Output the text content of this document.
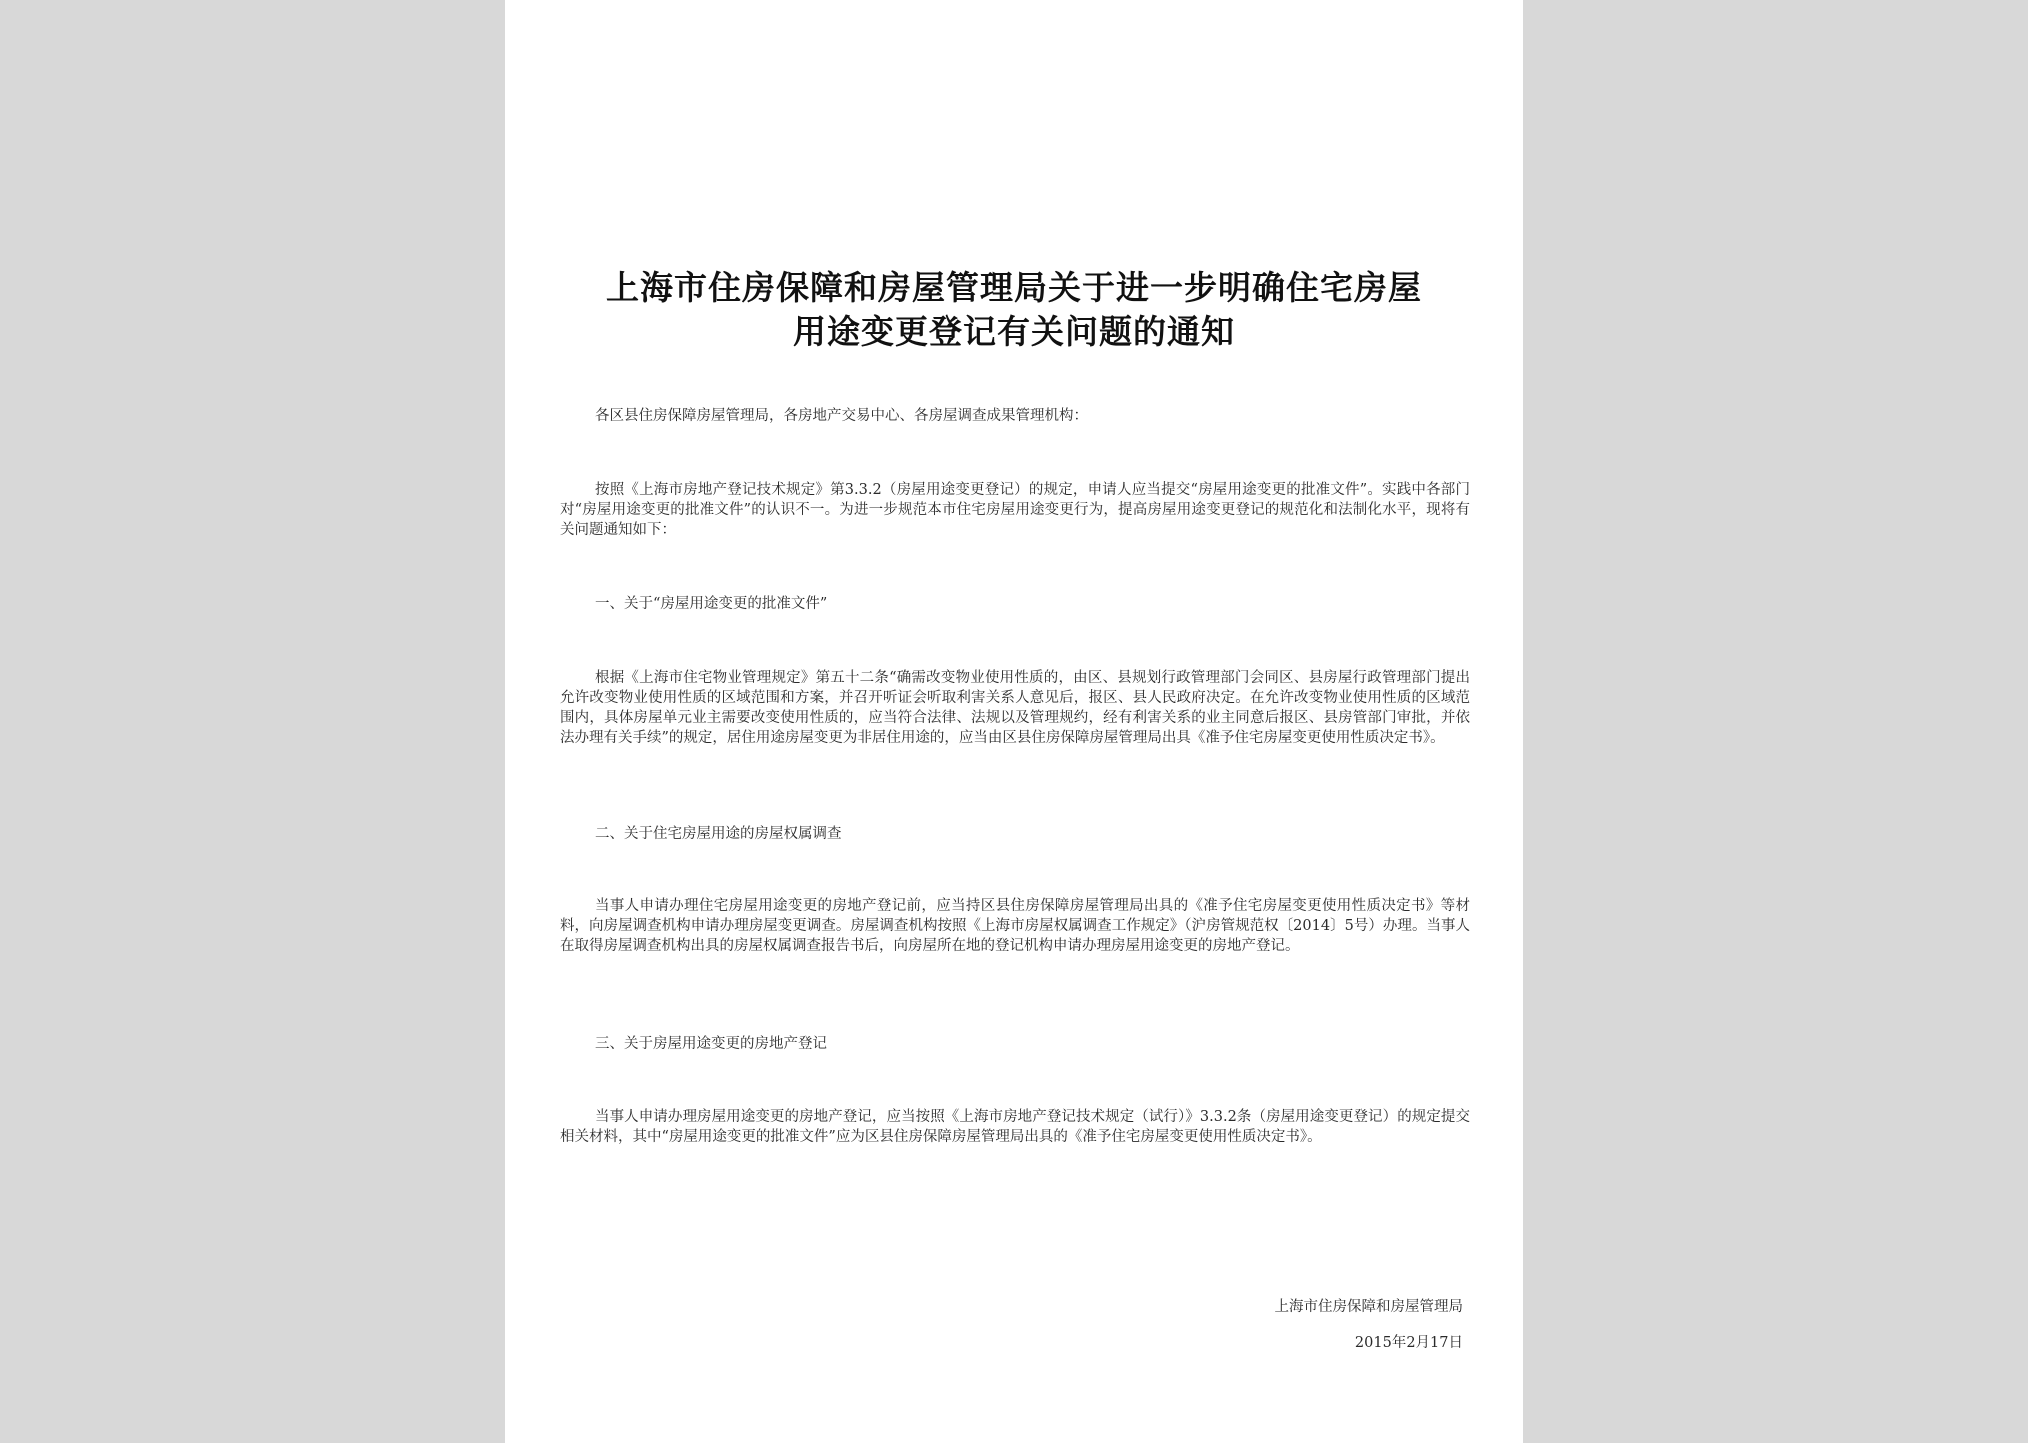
上海市住房保障和房屋管理局关于进一步明确住宅房屋
用途变更登记有关问题的通知

各区县住房保障房屋管理局，各房地产交易中心、各房屋调查成果管理机构：

按照《上海市房地产登记技术规定》第3.3.2（房屋用途变更登记）的规定，申请人应当提交“房屋用途变更的批准文件”。实践中各部门对“房屋用途变更的批准文件”的认识不一。为进一步规范本市住宅房屋用途变更行为，提高房屋用途变更登记的规范化和法制化水平，现将有关问题通知如下：

一、关于“房屋用途变更的批准文件”

根据《上海市住宅物业管理规定》第五十二条“确需改变物业使用性质的，由区、县规划行政管理部门会同区、县房屋行政管理部门提出允许改变物业使用性质的区域范围和方案，并召开听证会听取利害关系人意见后，报区、县人民政府决定。在允许改变物业使用性质的区域范围内，具体房屋单元业主需要改变使用性质的，应当符合法律、法规以及管理规约，经有利害关系的业主同意后报区、县房管部门审批，并依法办理有关手续”的规定，居住用途房屋变更为非居住用途的，应当由区县住房保障房屋管理局出具《准予住宅房屋变更使用性质决定书》。

二、关于住宅房屋用途的房屋权属调查

当事人申请办理住宅房屋用途变更的房地产登记前，应当持区县住房保障房屋管理局出具的《准予住宅房屋变更使用性质决定书》等材料，向房屋调查机构申请办理房屋变更调查。房屋调查机构按照《上海市房屋权属调查工作规定》（沪房管规范权〔2014〕5号）办理。当事人在取得房屋调查机构出具的房屋权属调查报告书后，向房屋所在地的登记机构申请办理房屋用途变更的房地产登记。

三、关于房屋用途变更的房地产登记

当事人申请办理房屋用途变更的房地产登记，应当按照《上海市房地产登记技术规定（试行）》3.3.2条（房屋用途变更登记）的规定提交相关材料，其中“房屋用途变更的批准文件”应为区县住房保障房屋管理局出具的《准予住宅房屋变更使用性质决定书》。

上海市住房保障和房屋管理局

2015年2月17日
